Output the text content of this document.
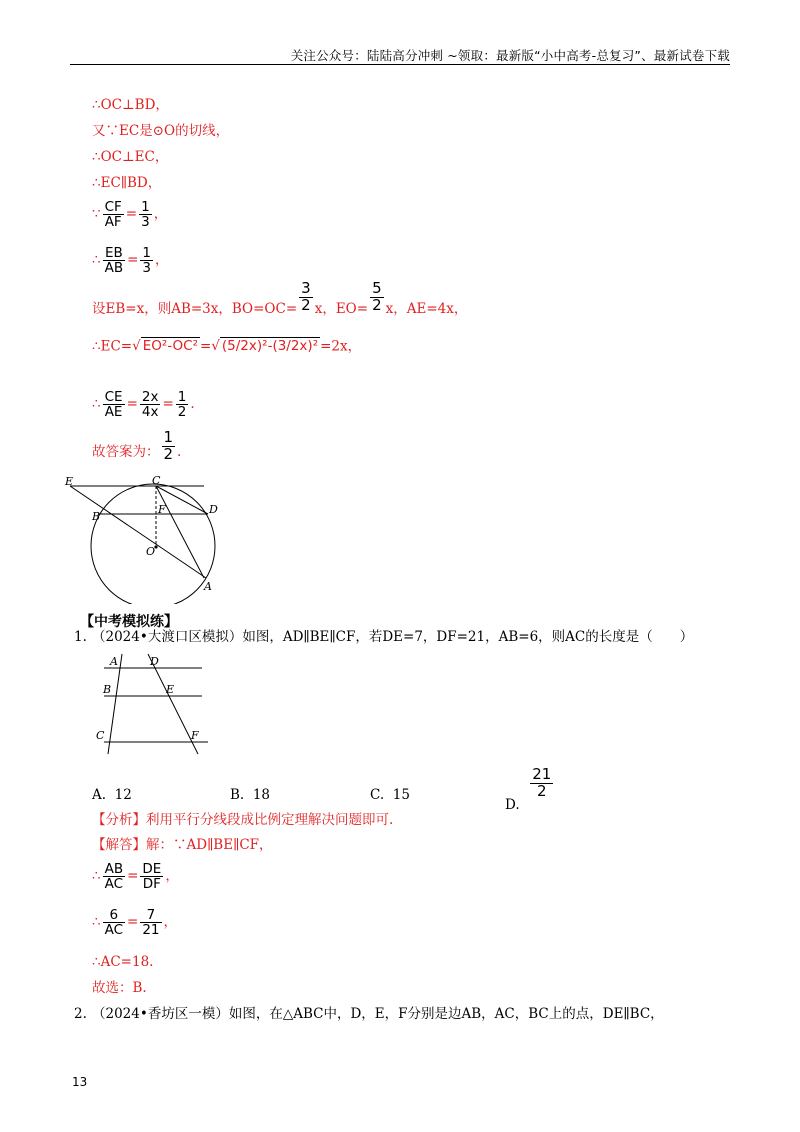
关注公众号：陆陆高分冲刺 ~领取：最新版“小中高考-总复习”、最新试卷下载
∴OC⊥BD，
又∵EC是⊙O的切线，
∴OC⊥EC，
∴EC∥BD，
∵ $\frac{CF}{AF} = \frac{1}{3}$ ，
∴ $\frac{EB}{AB} = \frac{1}{3}$ ，
设EB=x，则AB=3x，$BO=OC= \frac{3}{2}$ x，$EO= \frac{5}{2}$ x，AE=4x，
∴EC=√ EO²-OC² =√ (5/2x)²-(3/2x)² =2x，
∴ $\frac{CE}{AE} = \frac{2x}{4x} = \frac{1}{2}$ .
故答案为： $\frac{1}{2}$ .
E	C
B
F	D
O
A
【中考模拟练】
1. （2024•大渡口区模拟）如图，AD∥BE∥CF，若DE=7，DF=21，AB=6，则AC的长度是（　　）
A	D
B	E
C	F
A. 12	B. 18	C. 15
D.
$\frac{21}{2}$
【分析】利用平行分线段成比例定理解决问题即可.
【解答】解：∵AD∥BE∥CF，
∴ $\frac{AB}{AC} = \frac{DE}{DF}$ ，
∴ $\frac{6}{AC} = \frac{7}{21}$ ，
∴AC=18.
故选：B.
2. （2024•香坊区一模）如图，在△ABC中，D，E，F分别是边AB，AC，BC上的点，DE∥BC，
13
